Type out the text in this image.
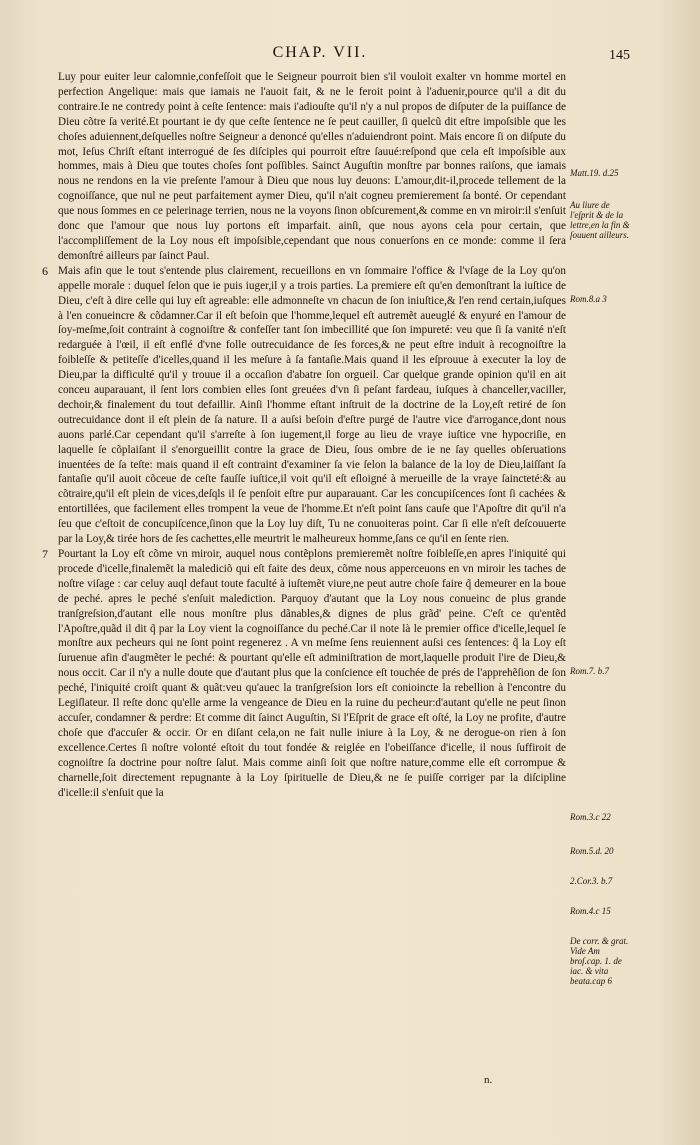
CHAP. VII.	145

Luy pour euiter leur calomnie,confeſſoit que le Seigneur pourroit bien s'il vouloit exalter vn homme mortel en perfection Angelique: mais que iamais ne l'auoit fait, & ne le feroit point à l'aduenir,pource qu'il a dit du contraire.Ie ne contredy point à ceſte ſentence: mais i'adiouſte qu'il n'y a nul propos de diſputer de la puiſſance de Dieu cõtre ſa verité.Et pourtant ie dy que ceſte ſentence ne ſe peut cauiller, ſi quelcũ dit eſtre impoſsible que les choſes aduiennent,deſquelles noſtre Seigneur a denoncé qu'elles n'aduiendront point. Mais encore ſi on diſpute du mot, Ieſus Chriſt eſtant interrogué de ſes diſciples qui pourroit eſtre ſauué:reſpond que cela eſt impoſsible aux hommes, mais à Dieu que toutes choſes ſont poſſibles. Sainct Auguſtin monſtre par bonnes raiſons, que iamais nous ne rendons en la vie preſente l'amour à Dieu que nous luy deuons: L'amour,dit-il,procede tellement de la cognoiſſance, que nul ne peut parfaitement aymer Dieu, qu'il n'ait cogneu premierement ſa bonté. Or cependant que nous ſommes en ce pelerinage terrien, nous ne la voyons ſinon obſcurement,& comme en vn miroir:il s'enſuit donc que l'amour que nous luy portons eſt imparfait. ainſi, que nous ayons cela pour certain, que l'accompliſſement de la Loy nous eſt impoſsible,cependant que nous conuerſons en ce monde: comme il ſera demonſtré ailleurs par ſainct Paul.

6 Mais afin que le tout s'entende plus clairement, recueillons en vn ſommaire l'office & l'vſage de la Loy qu'on appelle morale : duquel ſelon que ie puis iuger,il y a trois parties. La premiere eſt qu'en demonſtrant la iuſtice de Dieu, c'eſt à dire celle qui luy eſt agreable: elle admonneſte vn chacun de ſon iniuſtice,& l'en rend certain,iuſques à l'en conueincre & cõdamner.Car il eſt beſoin que l'homme,lequel eſt autremẽt aueuglé & enyuré en l'amour de ſoy-meſme,ſoit contraint à cognoiſtre & confeſſer tant ſon imbecillité que ſon impureté: veu que ſi ſa vanité n'eſt redarguée à l'œil, il eſt enflé d'vne folle outrecuidance de ſes forces,& ne peut eſtre induit à recognoiſtre la foibleſſe & petiteſſe d'icelles,quand il les meſure à ſa fantaſie.Mais quand il les eſprouue à executer la loy de Dieu,par la difficulté qu'il y trouue il a occaſion d'abatre ſon orgueil. Car quelque grande opinion qu'il en ait conceu auparauant, il ſent lors combien elles ſont greuées d'vn ſi peſant fardeau, iuſques à chanceller,vaciller, dechoir,& finalement du tout defaillir. Ainſi l'homme eſtant inſtruit de la doctrine de la Loy,eſt retiré de ſon outrecuidance dont il eſt plein de ſa nature. Il a auſsi beſoin d'eſtre purgé de l'autre vice d'arrogance,dont nous auons parlé.Car cependant qu'il s'arreſte à ſon iugement,il forge au lieu de vraye iuſtice vne hypocriſie, en laquelle ſe cõplaiſant il s'enorgueillit contre la grace de Dieu, ſous ombre de ie ne ſay quelles obſeruations inuentées de ſa teſte: mais quand il eſt contraint d'examiner ſa vie ſelon la balance de la loy de Dieu,laiſſant ſa fantaſie qu'il auoit cõceue de ceſte fauſſe iuſtice,il voit qu'il eſt eſloigné à merueille de la vraye ſaincteté:& au cõtraire,qu'il eſt plein de vices,deſqls il ſe penſoit eſtre pur auparauant. Car les concupiſcences ſont ſi cachées & entortillées, que facilement elles trompent la veue de l'homme.Et n'eſt point ſans cauſe que l'Apoſtre dit qu'il n'a ſeu que c'eſtoit de concupiſcence,ſinon que la Loy luy diſt, Tu ne conuoiteras point. Car ſi elle n'eſt deſcouuerte par la Loy,& tirée hors de ſes cachettes,elle meurtrit le malheureux homme,ſans ce qu'il en ſente rien.

7 Pourtant la Loy eſt cõme vn miroir, auquel nous contẽplons premieremẽt noſtre foibleſſe,en apres l'iniquité qui procede d'icelle,finalemẽt la malediciõ qui eſt faite des deux, cõme nous apperceuons en vn miroir les taches de noſtre viſage : car celuy auql defaut toute faculté à iuſtemẽt viure,ne peut autre choſe faire q̃ demeurer en la boue de peché. apres le peché s'enſuit malediction. Parquoy d'autant que la Loy nous conueinc de plus grande tranſgreſsion,d'autant elle nous monſtre plus dãnables,& dignes de plus grãd' peine. C'eſt ce qu'entẽd l'Apoſtre,quãd il dit q̃ par la Loy vient la cognoiſſance du peché.Car il note là le premier office d'icelle,lequel ſe monſtre aux pecheurs qui ne ſont point regenerez . A vn meſme ſens reuiennent auſsi ces ſentences: q̃ la Loy eſt ſuruenue afin d'augmẽter le peché: & pourtant qu'elle eſt adminiſtration de mort,laquelle produit l'ire de Dieu,& nous occit. Car il n'y a nulle doute que d'autant plus que la conſcience eſt touchée de prés de l'apprehẽſion de ſon peché, l'iniquité croiſt quant & quãt:veu qu'auec la tranſgreſsion lors eſt conioincte la rebellion à l'encontre du Legiſlateur. Il reſte donc qu'elle arme la vengeance de Dieu en la ruine du pecheur:d'autant qu'elle ne peut ſinon accuſer, condamner & perdre: Et comme dit ſainct Auguſtin, Si l'Eſprit de grace eſt oſté, la Loy ne profite, d'autre choſe que d'accuſer & occir. Or en diſant cela,on ne fait nulle iniure à la Loy, & ne derogue-on rien à ſon excellence.Certes ſi noſtre volonté eſtoit du tout fondée & reiglée en l'obeiſſance d'icelle, il nous ſuffiroit de cognoiſtre ſa doctrine pour noſtre ſalut. Mais comme ainſi ſoit que noſtre nature,comme elle eſt corrompue & charnelle,ſoit directement repugnante à la Loy ſpirituelle de Dieu,& ne ſe puiſſe corriger par la diſcipline d'icelle:il s'enſuit que la

Matt.19. d.25
Au liure de l'eſprit & de la lettre,en la fin & ſouuent ailleurs.
Rom.8.a 3
Rom.7. b.7
Rom.3.c 22
Rom.5.d. 20
2.Cor.3. b.7
Rom.4.c 15
De corr. & grat. Vide Am broſ.cap. 1. de iac. & vita beata.cap 6
n.
